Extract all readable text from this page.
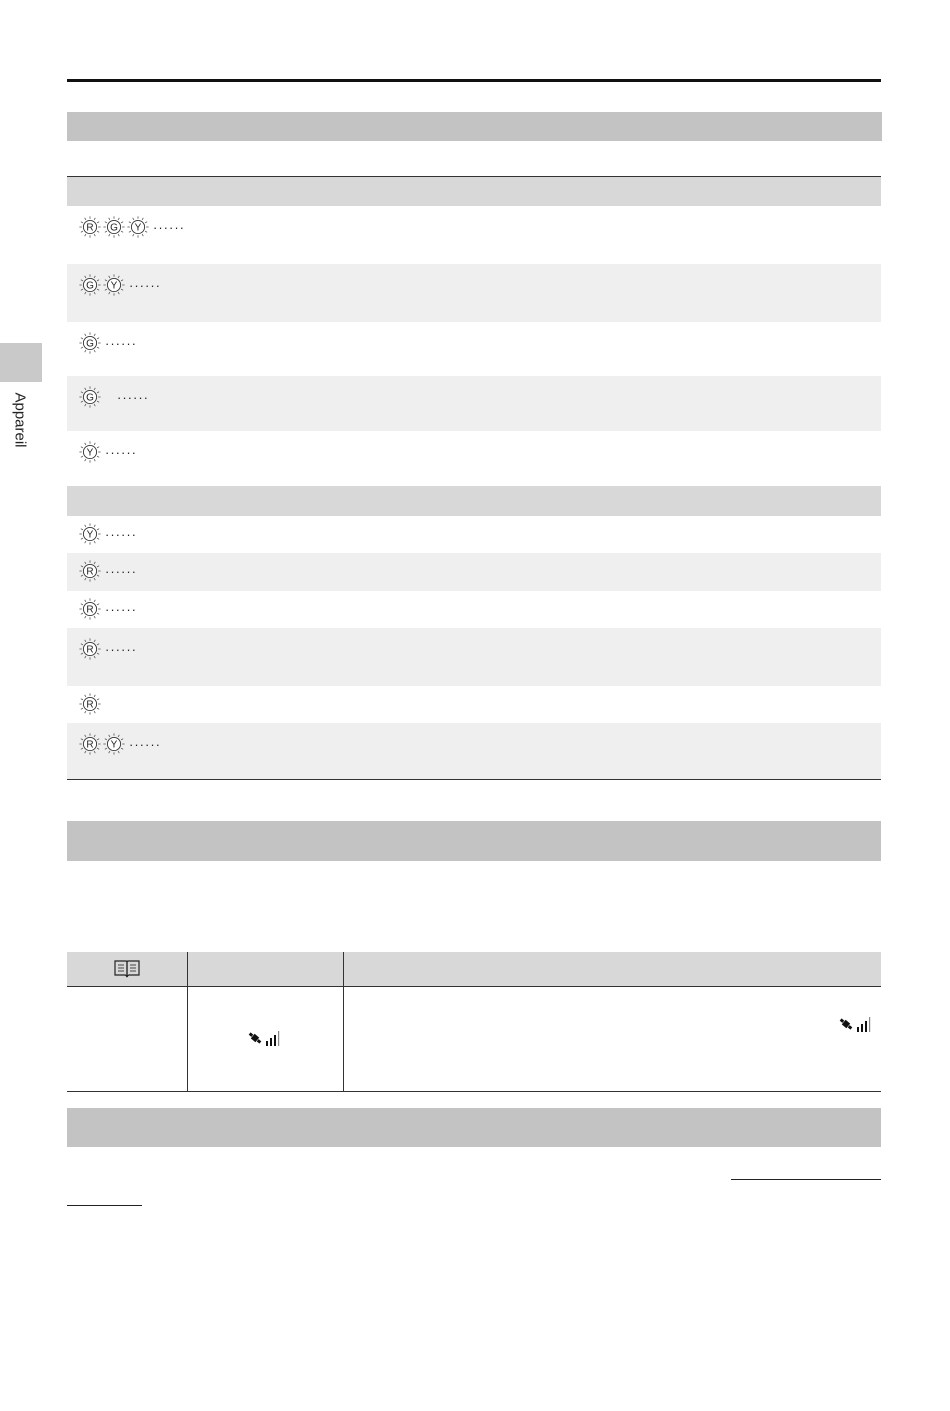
Appareil
R G Y ······
G Y ······
G ······
G ······
Y ······
Y ······
R ······
R ······
R ······
R
R Y ······
